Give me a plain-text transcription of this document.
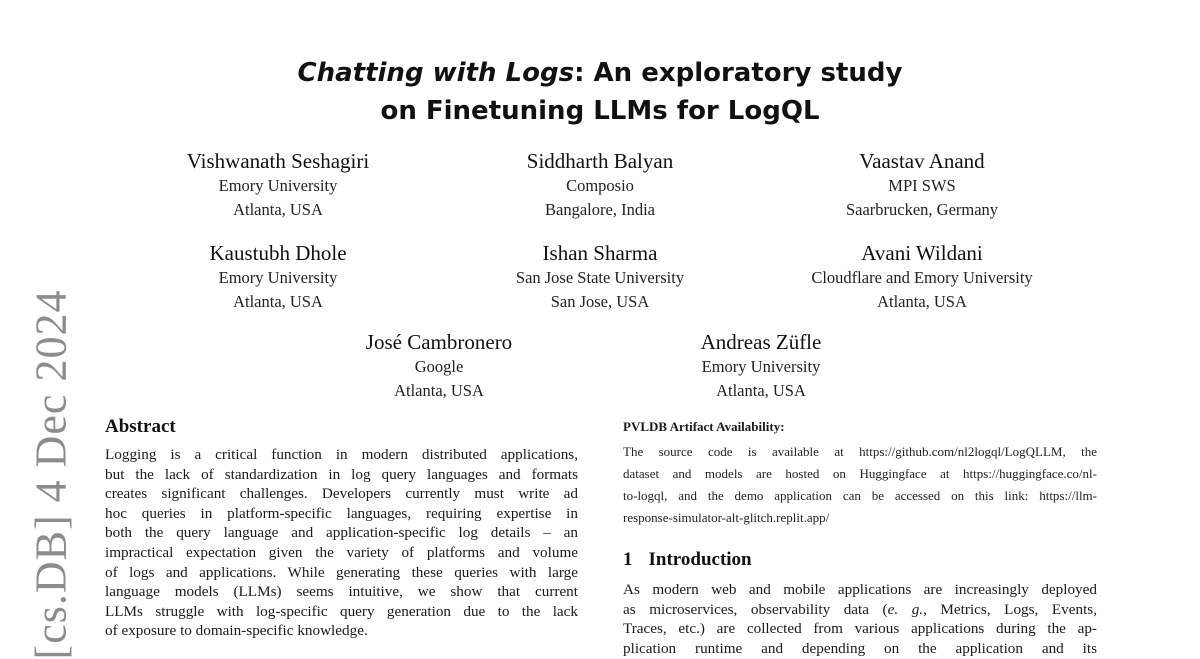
[cs.DB] 4 Dec 2024
Chatting with Logs: An exploratory study
on Finetuning LLMs for LogQL
Vishwanath Seshagiri
Emory University
Atlanta, USA
Siddharth Balyan
Composio
Bangalore, India
Vaastav Anand
MPI SWS
Saarbrucken, Germany
Kaustubh Dhole
Emory University
Atlanta, USA
Ishan Sharma
San Jose State University
San Jose, USA
Avani Wildani
Cloudflare and Emory University
Atlanta, USA
José Cambronero
Google
Atlanta, USA
Andreas Züfle
Emory University
Atlanta, USA
Abstract
Logging is a critical function in modern distributed applications,
but the lack of standardization in log query languages and formats
creates significant challenges. Developers currently must write ad
hoc queries in platform-specific languages, requiring expertise in
both the query language and application-specific log details – an
impractical expectation given the variety of platforms and volume
of logs and applications. While generating these queries with large
language models (LLMs) seems intuitive, we show that current
LLMs struggle with log-specific query generation due to the lack
of exposure to domain-specific knowledge.
PVLDB Artifact Availability:
The source code is available at https://github.com/nl2logql/LogQLLM, the
dataset and models are hosted on Huggingface at https://huggingface.co/nl-
to-logql, and the demo application can be accessed on this link: https://llm-
response-simulator-alt-glitch.replit.app/
1 Introduction
As modern web and mobile applications are increasingly deployed
as microservices, observability data (e. g., Metrics, Logs, Events,
Traces, etc.) are collected from various applications during the ap-
plication runtime and depending on the application and its
